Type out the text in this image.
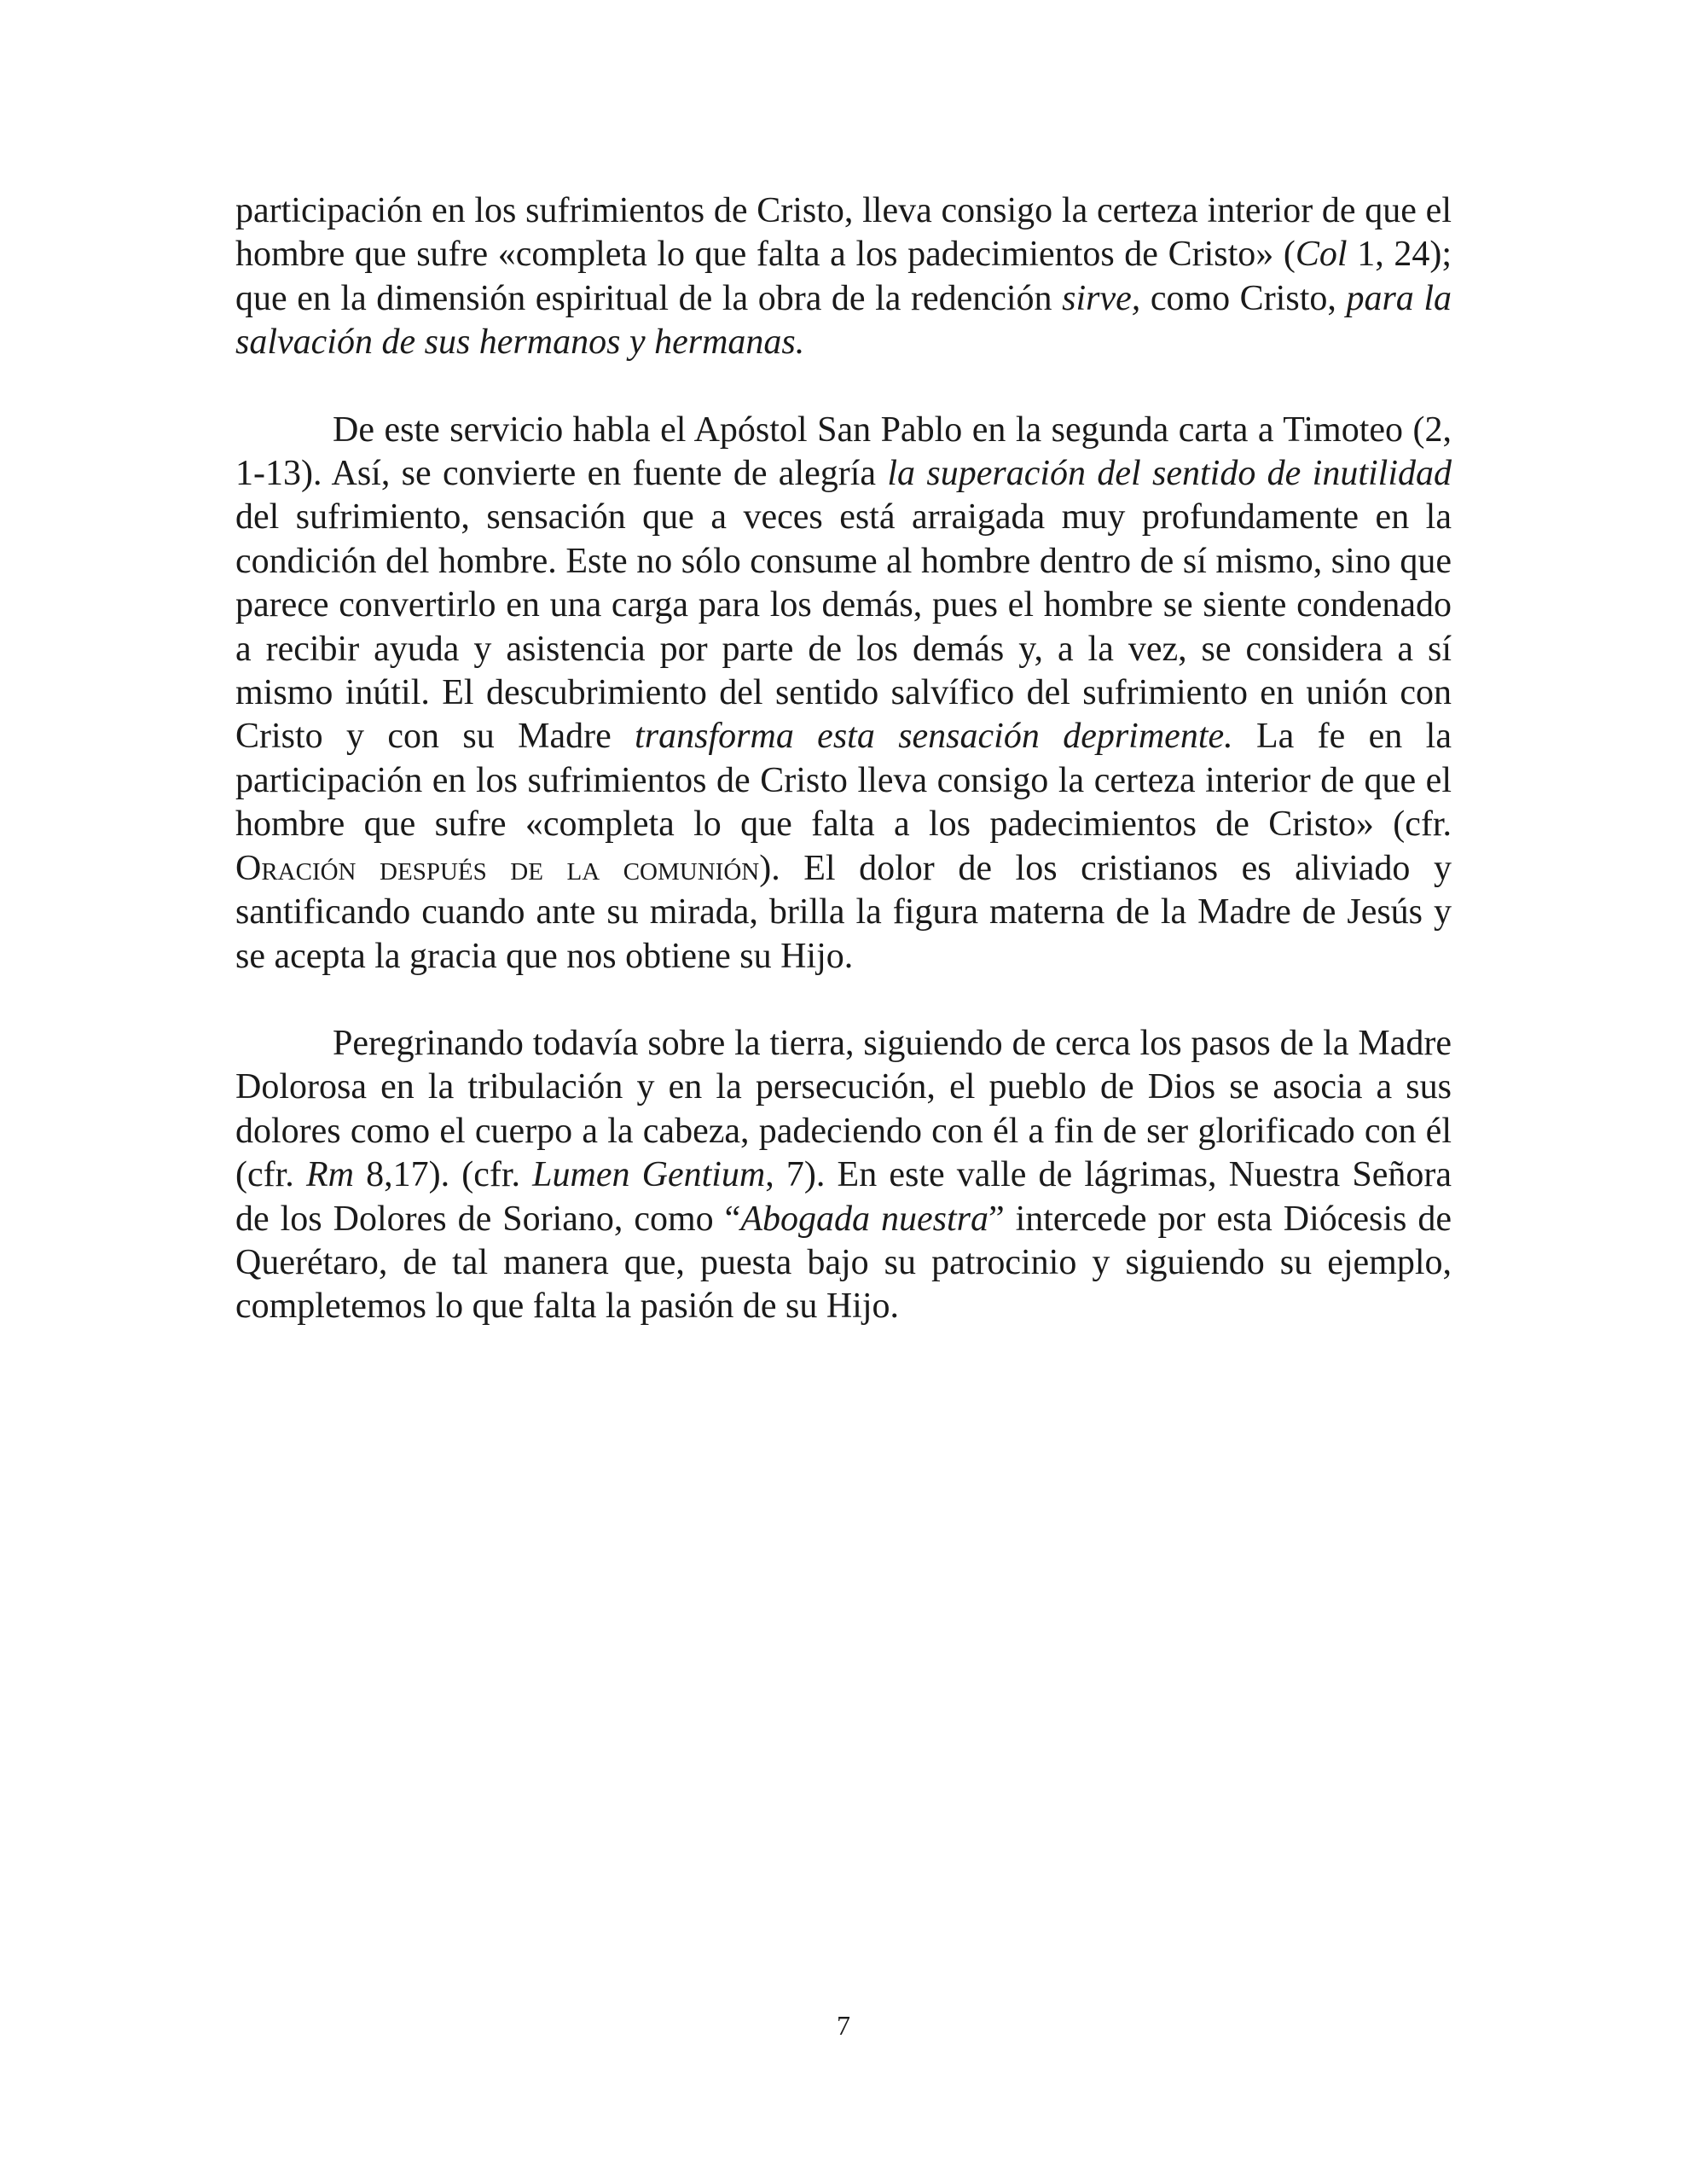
participación en los sufrimientos de Cristo, lleva consigo la certeza interior de que el hombre que sufre «completa lo que falta a los padecimientos de Cristo» (Col 1, 24); que en la dimensión espiritual de la obra de la redención sirve, como Cristo, para la salvación de sus hermanos y hermanas.

De este servicio habla el Apóstol San Pablo en la segunda carta a Timoteo (2, 1-13). Así, se convierte en fuente de alegría la superación del sentido de inutilidad del sufrimiento, sensación que a veces está arraigada muy profundamente en la condición del hombre. Este no sólo consume al hombre dentro de sí mismo, sino que parece convertirlo en una carga para los demás, pues el hombre se siente condenado a recibir ayuda y asistencia por parte de los demás y, a la vez, se considera a sí mismo inútil. El descubrimiento del sentido salvífico del sufrimiento en unión con Cristo y con su Madre transforma esta sensación deprimente. La fe en la participación en los sufrimientos de Cristo lleva consigo la certeza interior de que el hombre que sufre «completa lo que falta a los padecimientos de Cristo» (cfr. Oración después de la comunión). El dolor de los cristianos es aliviado y santificando cuando ante su mirada, brilla la figura materna de la Madre de Jesús y se acepta la gracia que nos obtiene su Hijo.

Peregrinando todavía sobre la tierra, siguiendo de cerca los pasos de la Madre Dolorosa en la tribulación y en la persecución, el pueblo de Dios se asocia a sus dolores como el cuerpo a la cabeza, padeciendo con él a fin de ser glorificado con él (cfr. Rm 8,17). (cfr. Lumen Gentium, 7). En este valle de lágrimas, Nuestra Señora de los Dolores de Soriano, como “Abogada nuestra” intercede por esta Diócesis de Querétaro, de tal manera que, puesta bajo su patrocinio y siguiendo su ejemplo, completemos lo que falta la pasión de su Hijo.

7
